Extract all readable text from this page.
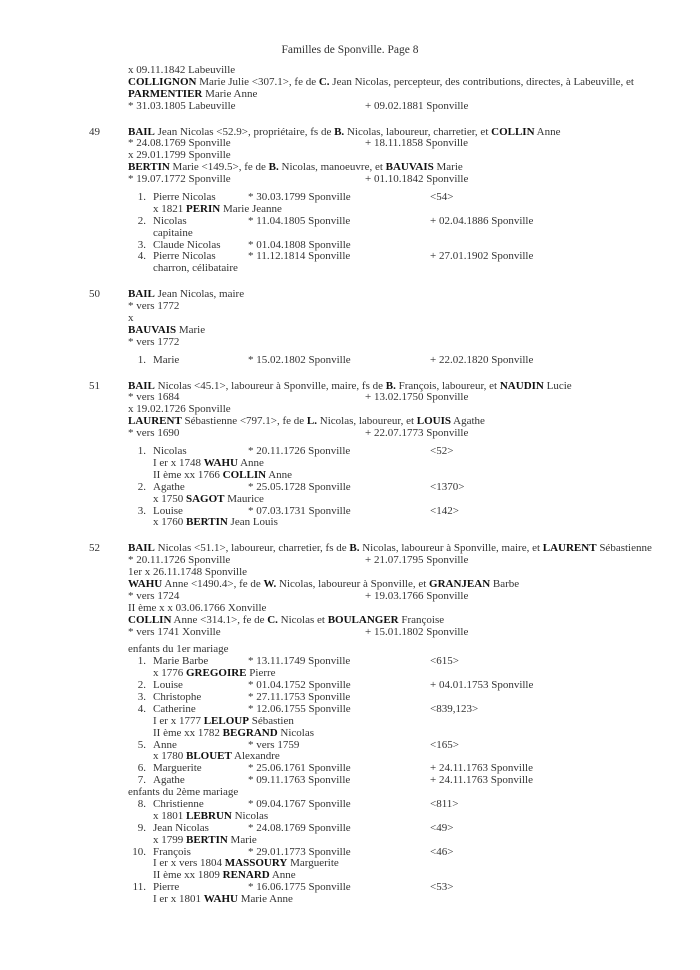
Familles de Sponville. Page 8
x 09.11.1842 Labeuville
COLLIGNON Marie Julie <307.1>, fe de C. Jean Nicolas, percepteur, des contributions, directes, à Labeuville, et
PARMENTIER Marie Anne
* 31.03.1805 Labeuville	+ 09.02.1881 Sponville
49	BAIL Jean Nicolas <52.9>, propriétaire, fs de B. Nicolas, laboureur, charretier, et COLLIN Anne
* 24.08.1769 Sponville	+ 18.11.1858 Sponville
x 29.01.1799 Sponville
BERTIN Marie <149.5>, fe de B. Nicolas, manoeuvre, et BAUVAIS Marie
* 19.07.1772 Sponville	+ 01.10.1842 Sponville
1. Pierre Nicolas	* 30.03.1799 Sponville	<54>
x 1821 PERIN Marie Jeanne
2. Nicolas	* 11.04.1805 Sponville	+ 02.04.1886 Sponville
capitaine
3. Claude Nicolas * 01.04.1808 Sponville
4. Pierre Nicolas	* 11.12.1814 Sponville	+ 27.01.1902 Sponville
charron, célibataire
50	BAIL Jean Nicolas, maire
* vers 1772
x
BAUVAIS Marie
* vers 1772
1. Marie	* 15.02.1802 Sponville	+ 22.02.1820 Sponville
51	BAIL Nicolas <45.1>, laboureur à Sponville, maire, fs de B. François, laboureur, et NAUDIN Lucie
* vers 1684	+ 13.02.1750 Sponville
x 19.02.1726 Sponville
LAURENT Sébastienne <797.1>, fe de L. Nicolas, laboureur, et LOUIS Agathe
* vers 1690	+ 22.07.1773 Sponville
1. Nicolas	* 20.11.1726 Sponville	<52>
I er x 1748 WAHU Anne
II ème xx 1766 COLLIN Anne
2. Agathe	* 25.05.1728 Sponville	<1370>
x 1750 SAGOT Maurice
3. Louise	* 07.03.1731 Sponville	<142>
x 1760 BERTIN Jean Louis
52	BAIL Nicolas <51.1>, laboureur, charretier, fs de B. Nicolas, laboureur à Sponville, maire, et LAURENT Sébastienne
* 20.11.1726 Sponville	+ 21.07.1795 Sponville
1er x 26.11.1748 Sponville
WAHU Anne <1490.4>, fe de W. Nicolas, laboureur à Sponville, et GRANJEAN Barbe
* vers 1724	+ 19.03.1766 Sponville
II ème x x 03.06.1766 Xonville
COLLIN Anne <314.1>, fe de C. Nicolas et BOULANGER Françoise
* vers 1741 Xonville	+ 15.01.1802 Sponville
enfants du 1er mariage
1. Marie Barbe	* 13.11.1749 Sponville	<615>
x 1776 GREGOIRE Pierre
2. Louise	* 01.04.1752 Sponville	+ 04.01.1753 Sponville
3. Christophe	* 27.11.1753 Sponville
4. Catherine	* 12.06.1755 Sponville	<839,123>
I er x 1777 LELOUP Sébastien
II ème xx 1782 BEGRAND Nicolas
5. Anne	* vers 1759	<165>
x 1780 BLOUET Alexandre
6. Marguerite	* 25.06.1761 Sponville	+ 24.11.1763 Sponville
7. Agathe	* 09.11.1763 Sponville	+ 24.11.1763 Sponville
enfants du 2ème mariage
8. Christienne	* 09.04.1767 Sponville	<811>
x 1801 LEBRUN Nicolas
9. Jean Nicolas	* 24.08.1769 Sponville	<49>
x 1799 BERTIN Marie
10. François	* 29.01.1773 Sponville	<46>
I er x vers 1804 MASSOURY Marguerite
II ème xx 1809 RENARD Anne
11. Pierre	* 16.06.1775 Sponville	<53>
I er x 1801 WAHU Marie Anne
